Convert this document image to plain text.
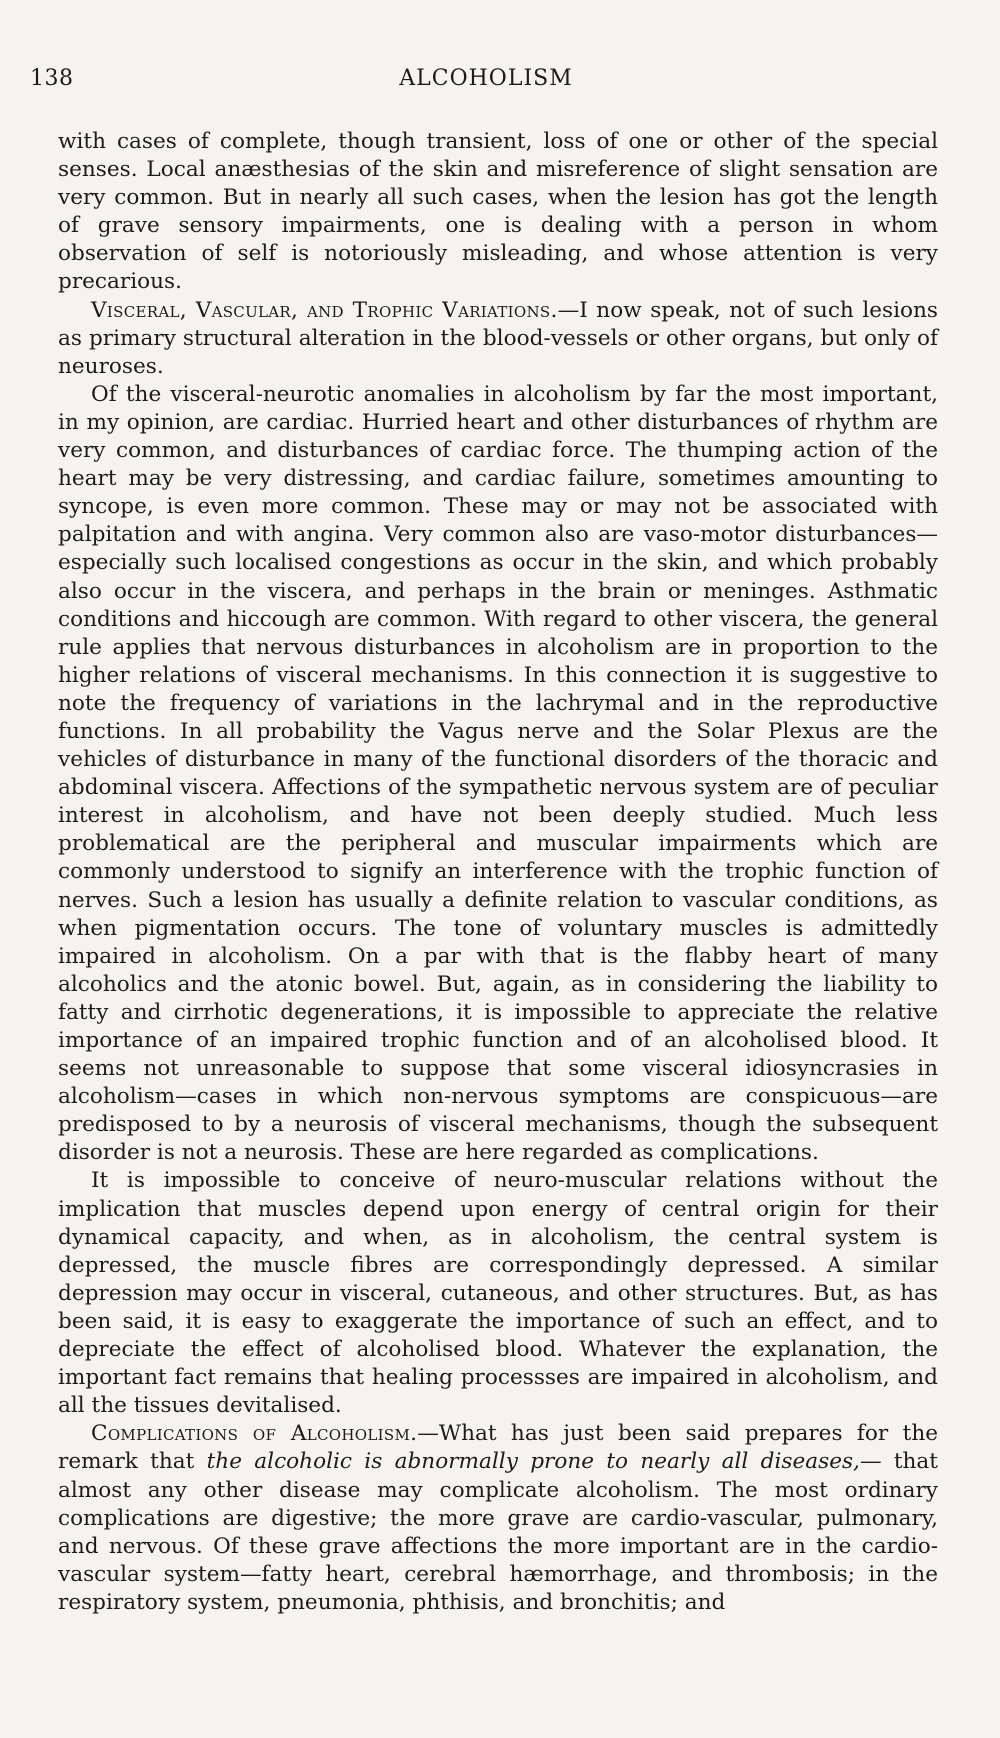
138	ALCOHOLISM

with cases of complete, though transient, loss of one or other of the special senses. Local anæsthesias of the skin and misreference of slight sensation are very common. But in nearly all such cases, when the lesion has got the length of grave sensory impairments, one is dealing with a person in whom observation of self is notoriously misleading, and whose attention is very precarious.

Visceral, Vascular, and Trophic Variations.—I now speak, not of such lesions as primary structural alteration in the blood-vessels or other organs, but only of neuroses.

Of the visceral-neurotic anomalies in alcoholism by far the most important, in my opinion, are cardiac. Hurried heart and other disturbances of rhythm are very common, and disturbances of cardiac force. The thumping action of the heart may be very distressing, and cardiac failure, sometimes amounting to syncope, is even more common. These may or may not be associated with palpitation and with angina. Very common also are vaso-motor disturbances—especially such localised congestions as occur in the skin, and which probably also occur in the viscera, and perhaps in the brain or meninges. Asthmatic conditions and hiccough are common. With regard to other viscera, the general rule applies that nervous disturbances in alcoholism are in proportion to the higher relations of visceral mechanisms. In this connection it is suggestive to note the frequency of variations in the lachrymal and in the reproductive functions. In all probability the Vagus nerve and the Solar Plexus are the vehicles of disturbance in many of the functional disorders of the thoracic and abdominal viscera. Affections of the sympathetic nervous system are of peculiar interest in alcoholism, and have not been deeply studied. Much less problematical are the peripheral and muscular impairments which are commonly understood to signify an interference with the trophic function of nerves. Such a lesion has usually a definite relation to vascular conditions, as when pigmentation occurs. The tone of voluntary muscles is admittedly impaired in alcoholism. On a par with that is the flabby heart of many alcoholics and the atonic bowel. But, again, as in considering the liability to fatty and cirrhotic degenerations, it is impossible to appreciate the relative importance of an impaired trophic function and of an alcoholised blood. It seems not unreasonable to suppose that some visceral idiosyncrasies in alcoholism—cases in which non-nervous symptoms are conspicuous—are predisposed to by a neurosis of visceral mechanisms, though the subsequent disorder is not a neurosis. These are here regarded as complications.

It is impossible to conceive of neuro-muscular relations without the implication that muscles depend upon energy of central origin for their dynamical capacity, and when, as in alcoholism, the central system is depressed, the muscle fibres are correspondingly depressed. A similar depression may occur in visceral, cutaneous, and other structures. But, as has been said, it is easy to exaggerate the importance of such an effect, and to depreciate the effect of alcoholised blood. Whatever the explanation, the important fact remains that healing processses are impaired in alcoholism, and all the tissues devitalised.

Complications of Alcoholism.—What has just been said prepares for the remark that the alcoholic is abnormally prone to nearly all diseases,— that almost any other disease may complicate alcoholism. The most ordinary complications are digestive; the more grave are cardio-vascular, pulmonary, and nervous. Of these grave affections the more important are in the cardio-vascular system—fatty heart, cerebral hæmorrhage, and thrombosis; in the respiratory system, pneumonia, phthisis, and bronchitis; and
